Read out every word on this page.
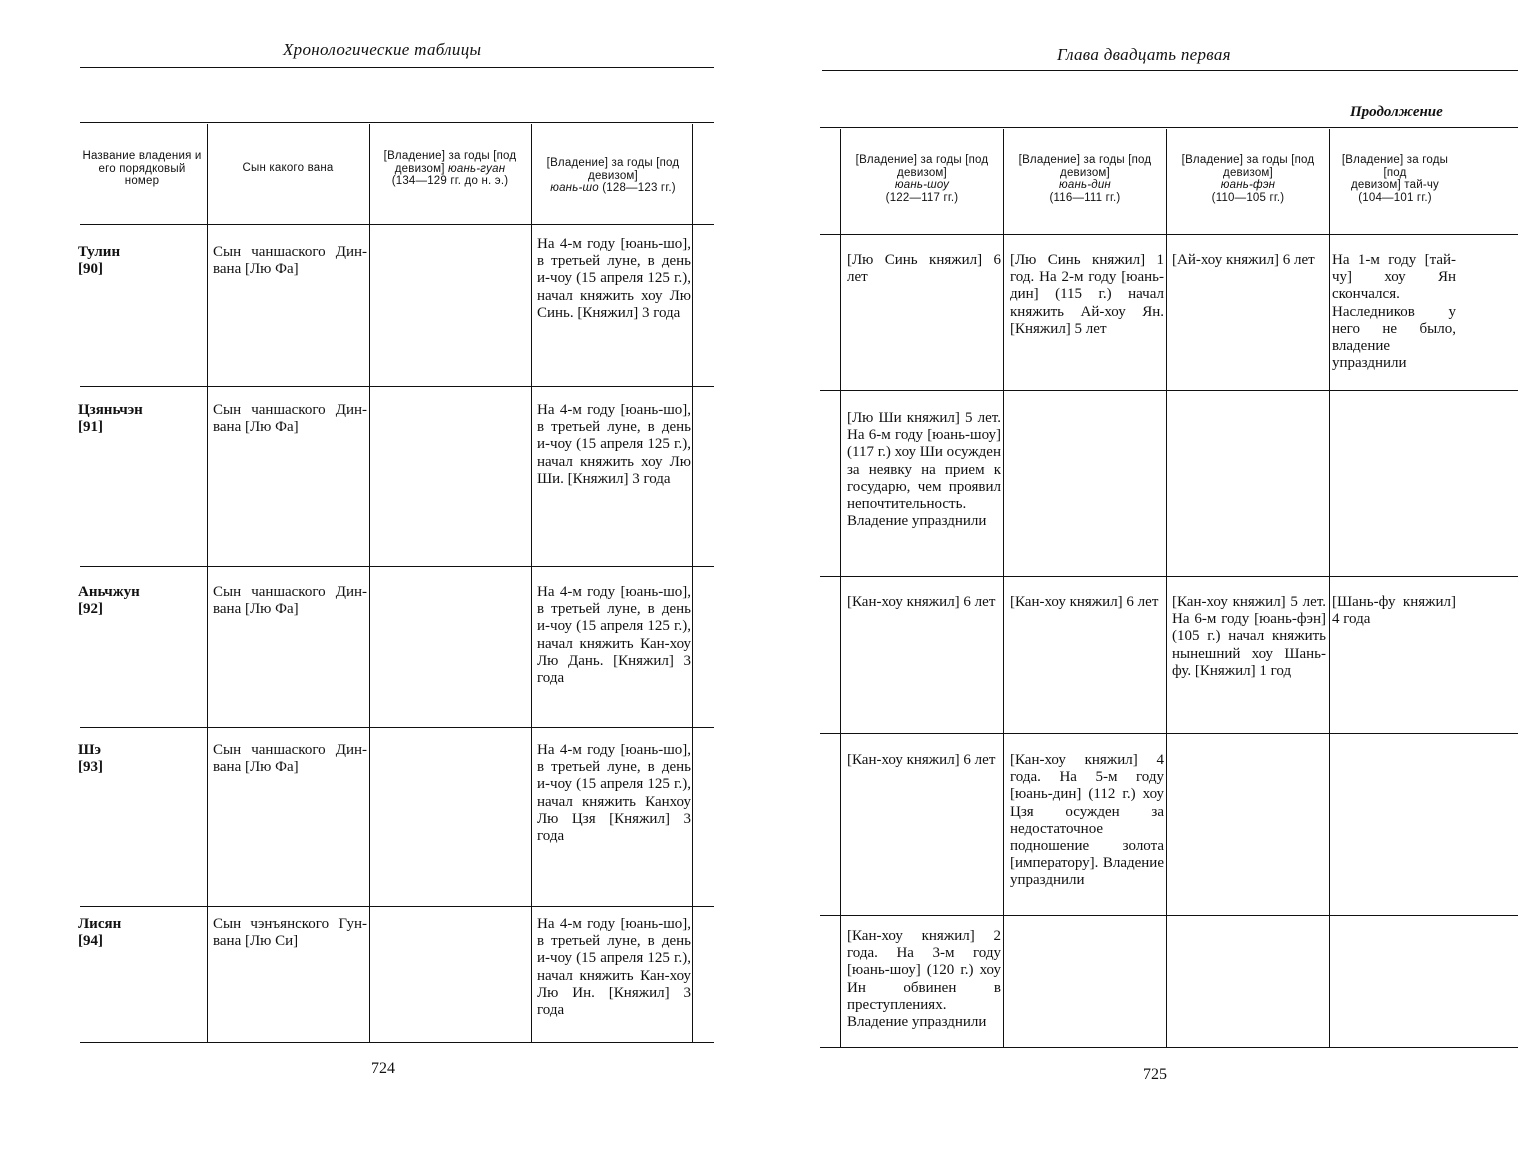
Хронологические таблицы
Название владения и его порядковый номер
Сын какого вана
[Владение] за годы [под девизом] юань-гуан
(134—129 гг. до н. э.)
[Владение] за годы [под девизом]
юань-шо (128—123 гг.)
Тулин
[90]
Сын чаншаского Дин-вана [Лю Фа]
На 4-м году [юань-шо], в третьей луне, в день и-чоу (15 апреля 125 г.), начал княжить хоу Лю Синь. [Княжил] 3 года
Цзяньчэн
[91]
Сын чаншаского Дин-вана [Лю Фа]
На 4-м году [юань-шо], в третьей луне, в день и-чоу (15 апреля 125 г.), начал княжить хоу Лю Ши. [Княжил] 3 года
Аньчжун
[92]
Сын чаншаского Дин-вана [Лю Фа]
На 4-м году [юань-шо], в третьей луне, в день и-чоу (15 апреля 125 г.), начал княжить Кан-хоу Лю Дань. [Княжил] 3 года
Шэ
[93]
Сын чаншаского Дин-вана [Лю Фа]
На 4-м году [юань-шо], в третьей луне, в день и-чоу (15 апреля 125 г.), начал княжить Канхоу Лю Цзя [Княжил] 3 года
Лисян
[94]
Сын чэнъянского Гун-вана [Лю Си]
На 4-м году [юань-шо], в третьей луне, в день и-чоу (15 апреля 125 г.), начал княжить Кан-хоу Лю Ин. [Княжил] 3 года
724
Глава двадцать первая
Продолжение
[Владение] за годы [под девизом]
юань-шоу
(122—117 гг.)
[Владение] за годы [под девизом]
юань-дин
(116—111 гг.)
[Владение] за годы [под девизом]
юань-фэн
(110—105 гг.)
[Владение] за годы [под
девизом] тай-чу
(104—101 гг.)
[Лю Синь княжил] 6 лет
[Лю Синь княжил] 1 год. На 2-м году [юань-дин] (115 г.) начал княжить Ай-хоу Ян. [Княжил] 5 лет
[Ай-хоу княжил] 6 лет	На 1-м году [тай-чу] хоу Ян скончался. Наследников у него не было, владение упразднили
[Лю Ши княжил] 5 лет. На 6-м году [юань-шоу] (117 г.) хоу Ши осужден за неявку на прием к государю, чем проявил непочтительность. Владение упразднили
[Кан-хоу княжил] 6 лет [Кан-хоу княжил] 6 лет [Кан-хоу княжил] 5 лет. На 6-м году [юань-фэн] (105 г.) начал княжить нынешний хоу Шань-фу. [Княжил] 1 год
[Шань-фу княжил] 4 года
[Кан-хоу княжил] 6 лет [Кан-хоу княжил] 4 года. На 5-м году [юань-дин] (112 г.) хоу Цзя осужден за недостаточное подношение золота [императору]. Владение упразднили
[Кан-хоу княжил] 2 года. На 3-м году [юань-шоу] (120 г.) хоу Ин обвинен в преступлениях. Владение упразднили
725
